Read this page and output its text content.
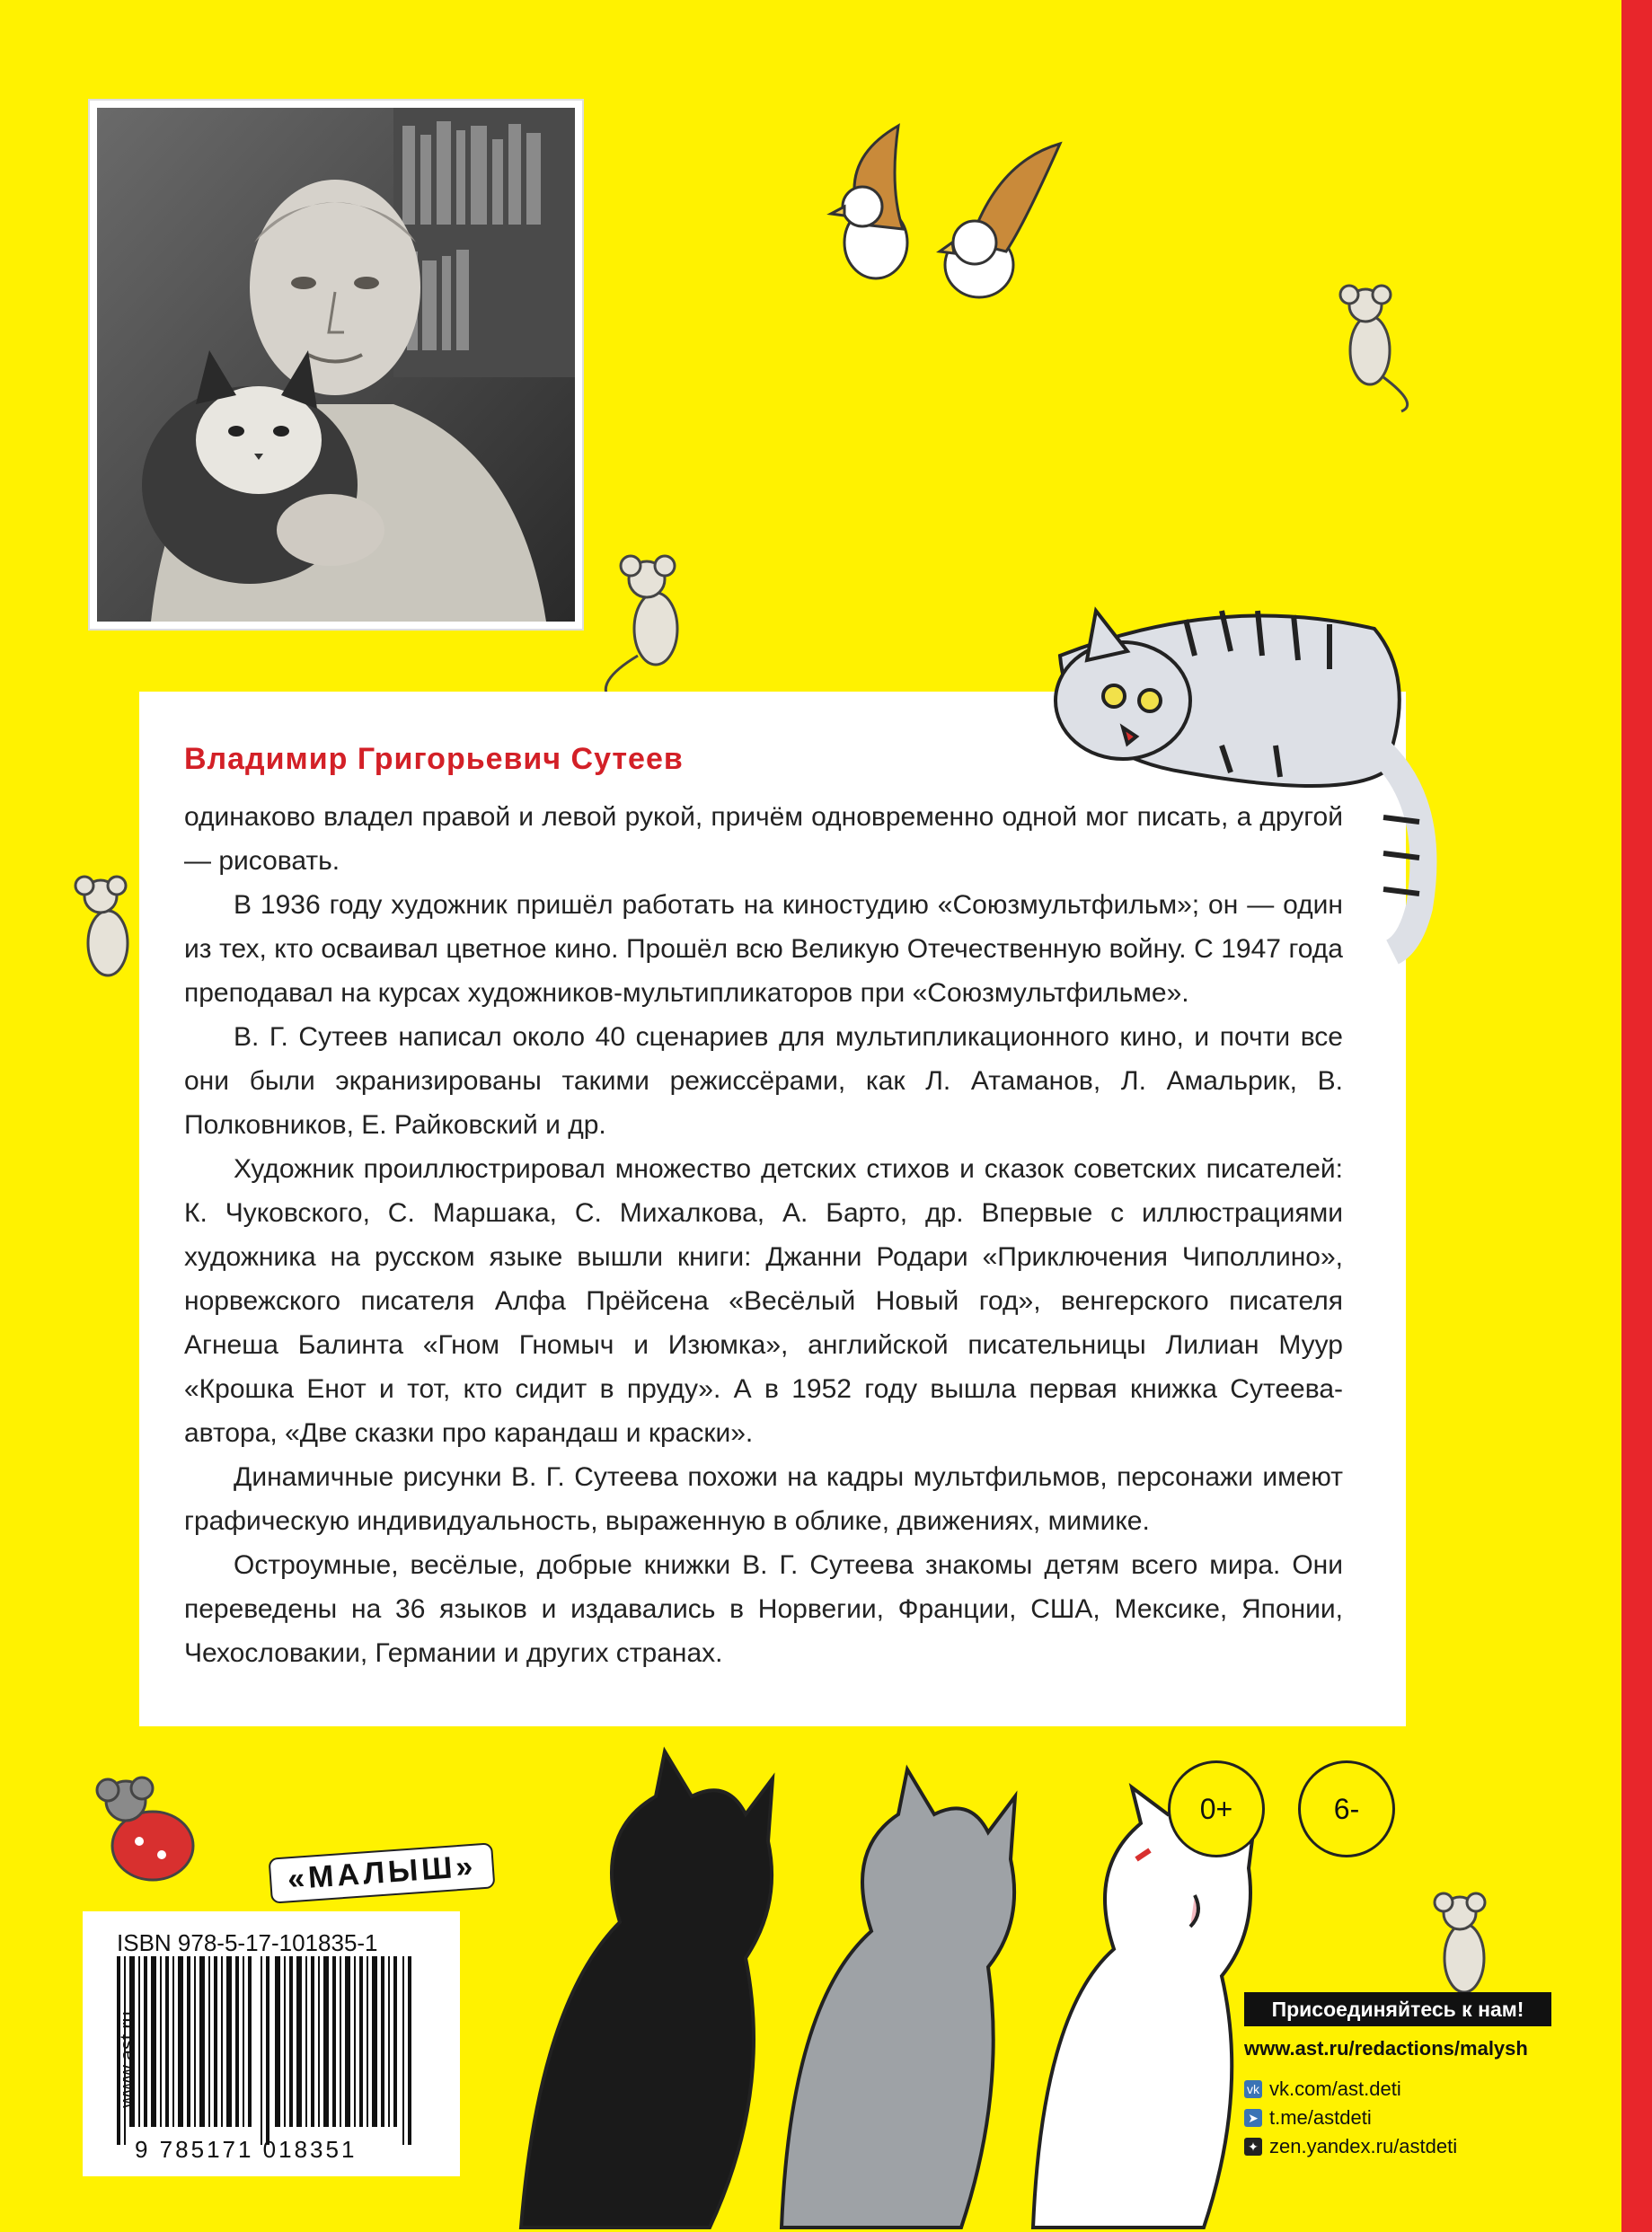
Владимир Григорьевич Сутеев

одинаково владел правой и левой рукой, причём одновременно одной мог писать, а другой — рисовать.

В 1936 году художник пришёл работать на киностудию «Союзмультфильм»; он — один из тех, кто осваивал цветное кино. Прошёл всю Великую Отечественную войну. С 1947 года преподавал на курсах художников-мультипликаторов при «Союзмультфильме».

В. Г. Сутеев написал около 40 сценариев для мультипликационного кино, и почти все они были экранизированы такими режиссёрами, как Л. Атаманов, Л. Амальрик, В. Полковников, Е. Райковский и др.

Художник проиллюстрировал множество детских стихов и сказок советских писателей: К. Чуковского, С. Маршака, С. Михалкова, А. Барто, др. Впервые с иллюстрациями художника на русском языке вышли книги: Джанни Родари «Приключения Чиполлино», норвежского писателя Алфа Прёйсена «Весёлый Новый год», венгерского писателя Агнеша Балинта «Гном Гномыч и Изюмка», английской писательницы Лилиан Муур «Крошка Енот и тот, кто сидит в пруду». А в 1952 году вышла первая книжка Сутеева-автора, «Две сказки про карандаш и краски».

Динамичные рисунки В. Г. Сутеева похожи на кадры мультфильмов, персонажи имеют графическую индивидуальность, выраженную в облике, движениях, мимике.

Остроумные, весёлые, добрые книжки В. Г. Сутеева знакомы детям всего мира. Они переведены на 36 языков и издавались в Норвегии, Франции, США, Мексике, Японии, Чехословакии, Германии и других странах.

0+	6-
«МАЛЫШ»
ISBN 978-5-17-101835-1
9 785171 018351
www.ast.ru
Присоединяйтесь к нам!
www.ast.ru/redactions/malysh
vk vk.com/ast.deti
➤ t.me/astdeti
✦ zen.yandex.ru/astdeti
